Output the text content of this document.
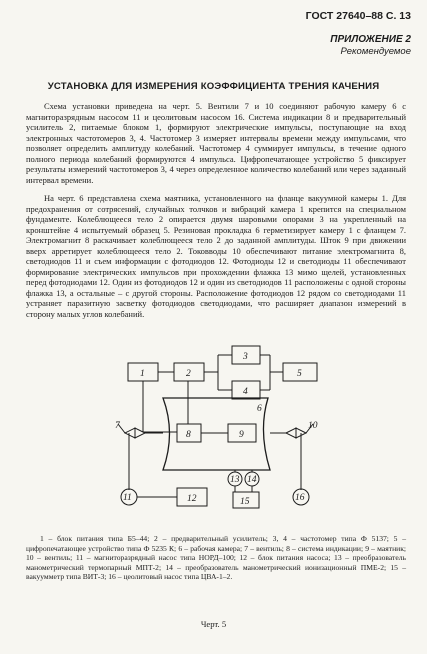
ГОСТ 27640–88 С. 13
ПРИЛОЖЕНИЕ 2
Рекомендуемое
УСТАНОВКА ДЛЯ ИЗМЕРЕНИЯ КОЭФФИЦИЕНТА ТРЕНИЯ КАЧЕНИЯ

Схема установки приведена на черт. 5. Вентили 7 и 10 соединяют рабочую камеру 6 с магниторазрядным насосом 11 и цеолитовым насосом 16. Система индикации 8 и предварительный усилитель 2, питаемые блоком 1, формируют электрические импульсы, поступающие на вход электронных частотомеров 3, 4. Частотомер 3 измеряет интервалы времени между импульсами, что позволяет определить амплитуду колебаний. Частотомер 4 суммирует импульсы, в течение одного полного периода колебаний формируются 4 импульса. Цифропечатающее устройство 5 фиксирует результаты измерений частотомеров 3, 4 через определенное количество колебаний или через заданный интервал времени.

На черт. 6 представлена схема маятника, установленного на фланце вакуумной камеры 1. Для предохранения от сотрясений, случайных толчков и вибраций камера 1 крепится на специальном фундаменте. Колеблющееся тело 2 опирается двумя шаровыми опорами 3 на укрепленный на кронштейне 4 испытуемый образец 5. Резиновая прокладка 6 герметизирует камеру 1 с фланцем 7. Электромагнит 8 раскачивает колеблющееся тело 2 до заданной амплитуды. Шток 9 при движении вверх арретирует колеблющееся тело 2. Токовводы 10 обеспечивают питание электромагнита 8, светодиодов 11 и съем информации с фотодиодов 12. Фотодиоды 12 и светодиоды 11 обеспечивают формирование электрических импульсов при прохождении флажка 13 мимо щелей, установленных перед фотодиодами 12. Один из фотодиодов 12 и один из светодиодов 11 расположены с одной стороны флажка 13, а остальные – с другой стороны. Расположение фотодиодов 12 рядом со светодиодами 11 устраняет паразитную засветку фотодиодов светодиодами, что расширяет диапазон измерений в сторону малых углов колебаний.

6
1	2
3
4
5
8	9
7	10
11	12
13 14
15	16

1 – блок питания типа Б5–44; 2 – предварительный усилитель; 3, 4 – частотомер типа Ф 5137; 5 – цифропечатающее устройство типа Ф 5235 К; 6 – рабочая камера; 7 – вентиль; 8 – система индикации; 9 – маятник; 10 – вентиль; 11 – магниторазрядный насос типа НОРД–100; 12 – блок питания насоса; 13 – преобразователь манометрический термопарный МПТ-2; 14 – преобразователь манометрический ионизационный ПМЕ-2; 15 – вакуумметр типа ВИТ-3; 16 – цеолитовый насос типа ЦВА-1–2.

Черт. 5
